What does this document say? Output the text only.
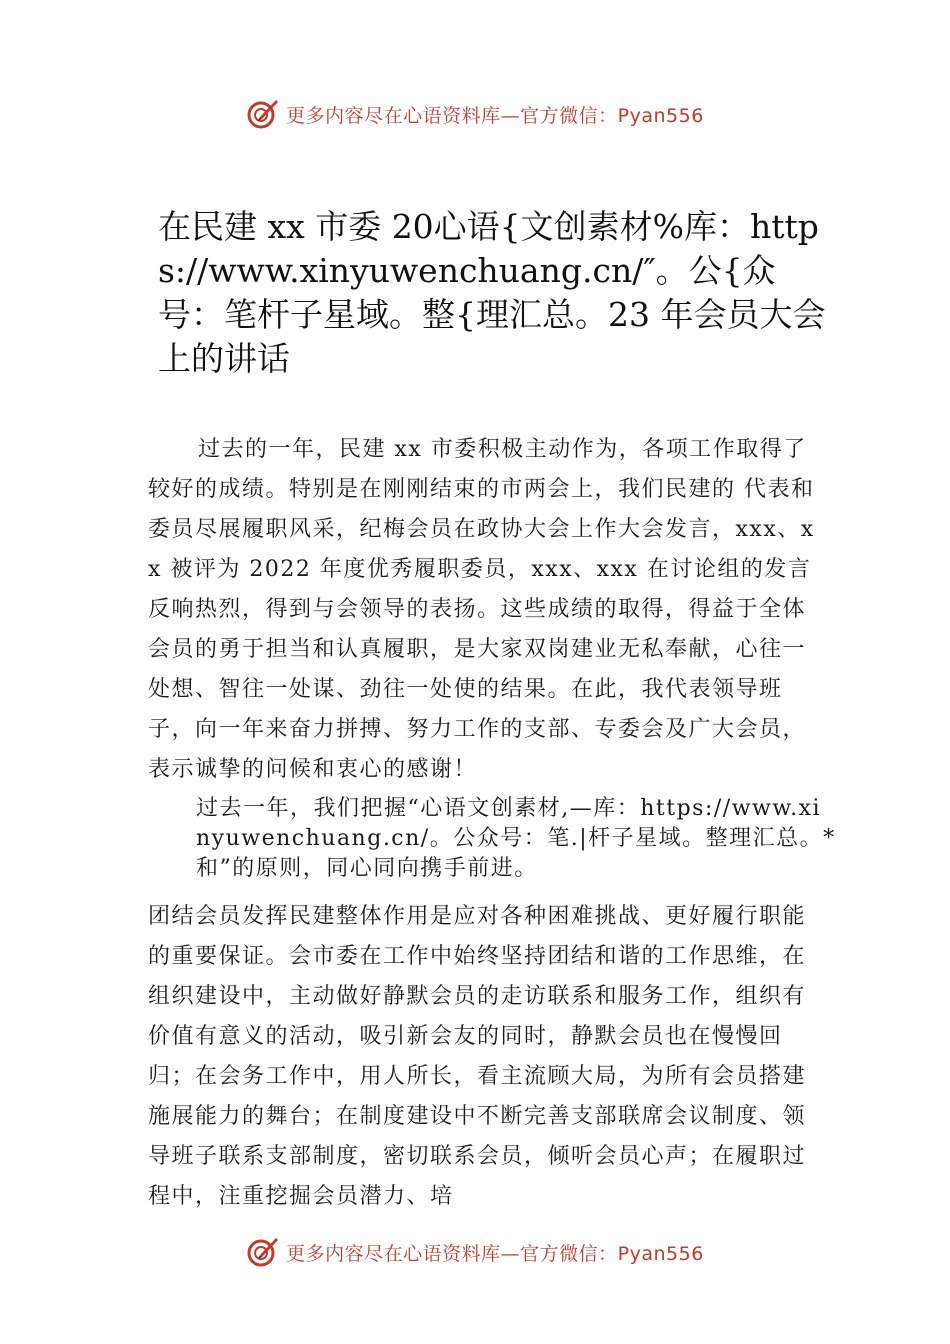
更多内容尽在心语资料库—官方微信：Pyan556
在民建 xx 市委 20心语{文创素材%库：https://www.xinyuwenchuang.cn/″。公{众号：笔杆子星域。整{理汇总。23 年会员大会上的讲话

过去的一年，民建 xx 市委积极主动作为，各项工作取得了较好的成绩。特别是在刚刚结束的市两会上，我们民建的 代表和委员尽展履职风采，纪梅会员在政协大会上作大会发言，xxx、xx 被评为 2022 年度优秀履职委员，xxx、xxx 在讨论组的发言反响热烈，得到与会领导的表扬。这些成绩的取得，得益于全体会员的勇于担当和认真履职，是大家双岗建业无私奉献，心往一处想、智往一处谋、劲往一处使的结果。在此，我代表领导班子，向一年来奋力拼搏、努力工作的支部、专委会及广大会员，表示诚挚的问候和衷心的感谢！

过去一年，我们把握“心语文创素材,—库：https://www.xinyuwenchuang.cn/。公众号：笔.|杆子星域。整理汇总。*和”的原则，同心同向携手前进。

团结会员发挥民建整体作用是应对各种困难挑战、更好履行职能的重要保证。会市委在工作中始终坚持团结和谐的工作思维，在组织建设中，主动做好静默会员的走访联系和服务工作，组织有价值有意义的活动，吸引新会友的同时，静默会员也在慢慢回归；在会务工作中，用人所长，看主流顾大局，为所有会员搭建施展能力的舞台；在制度建设中不断完善支部联席会议制度、领导班子联系支部制度，密切联系会员，倾听会员心声；在履职过程中，注重挖掘会员潜力、培

更多内容尽在心语资料库—官方微信：Pyan556
